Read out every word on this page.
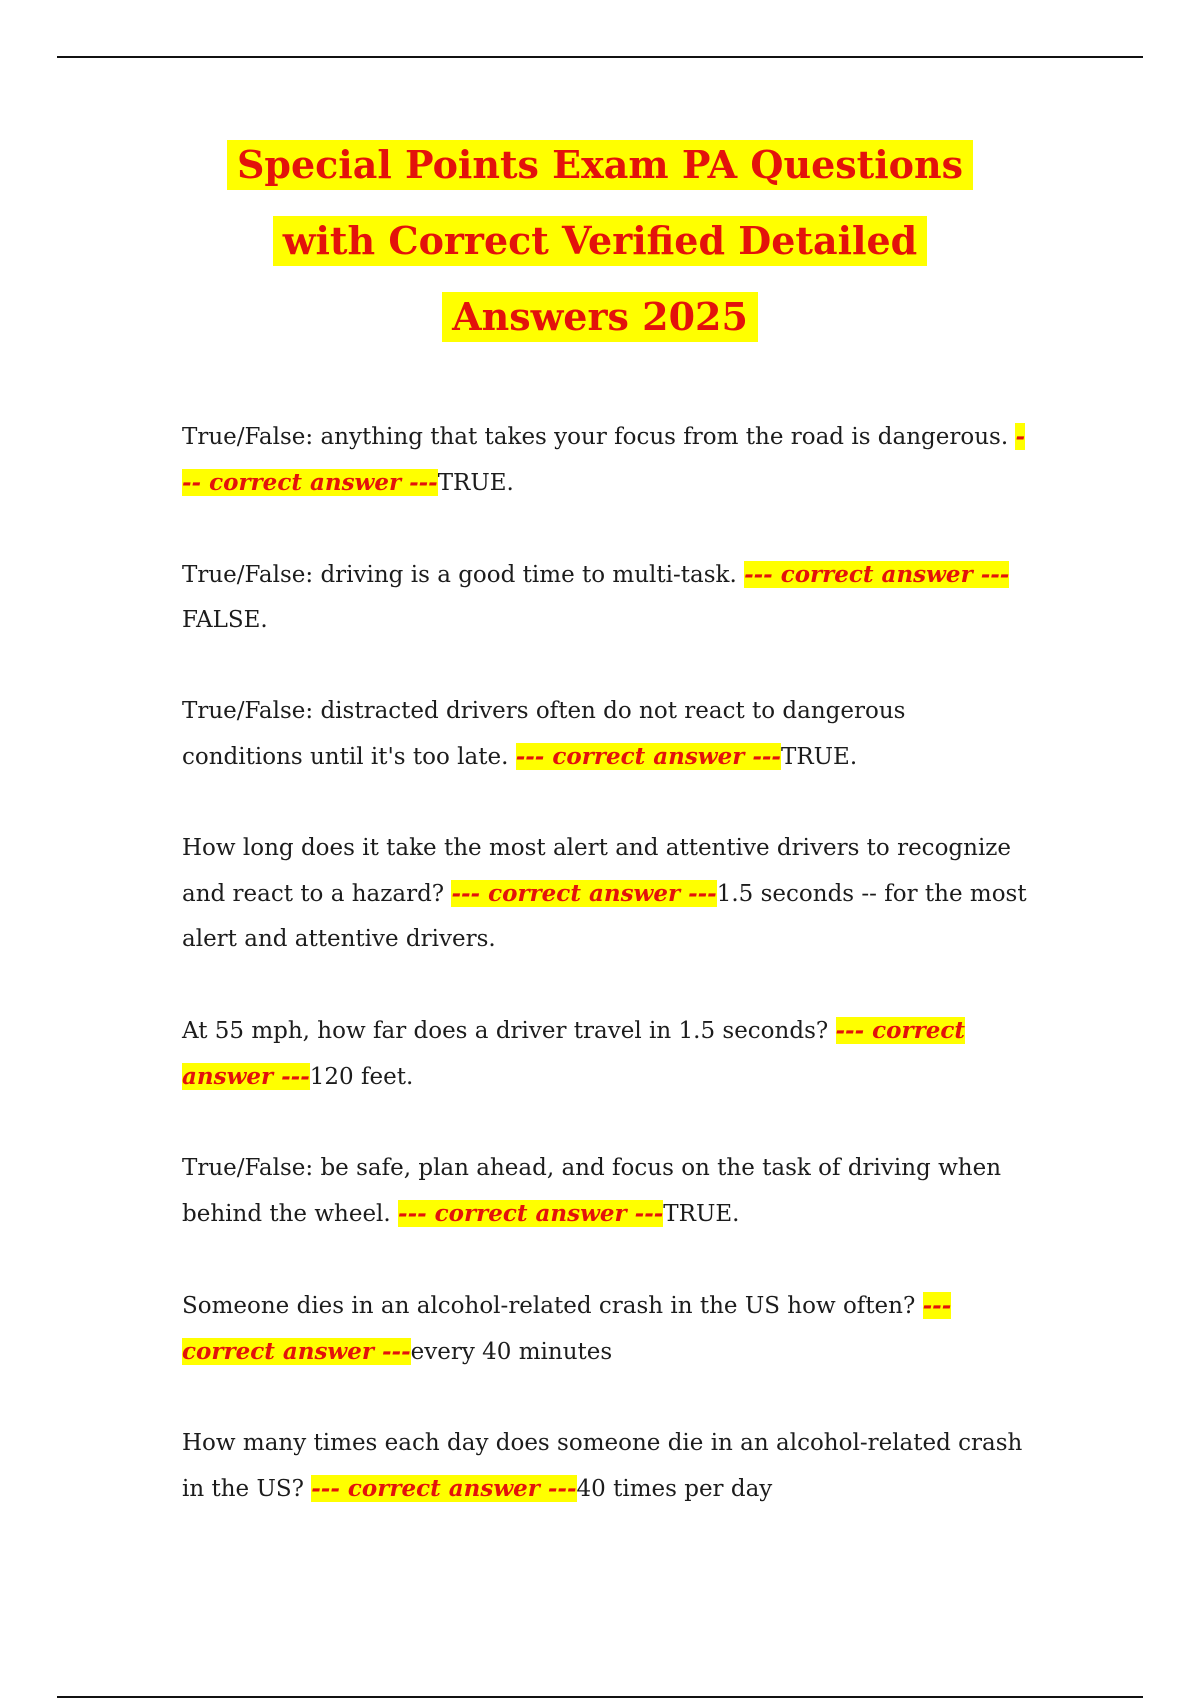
Special Points Exam PA Questions
with Correct Verified Detailed
Answers 2025

True/False: anything that takes your focus from the road is dangerous. --- correct answer ---TRUE.

True/False: driving is a good time to multi-task. --- correct answer ---FALSE.

True/False: distracted drivers often do not react to dangerous conditions until it's too late. --- correct answer ---TRUE.

How long does it take the most alert and attentive drivers to recognize and react to a hazard? --- correct answer ---1.5 seconds -- for the most alert and attentive drivers.

At 55 mph, how far does a driver travel in 1.5 seconds? --- correct answer ---120 feet.

True/False: be safe, plan ahead, and focus on the task of driving when behind the wheel. --- correct answer ---TRUE.

Someone dies in an alcohol-related crash in the US how often? --- correct answer ---every 40 minutes

How many times each day does someone die in an alcohol-related crash in the US? --- correct answer ---40 times per day
